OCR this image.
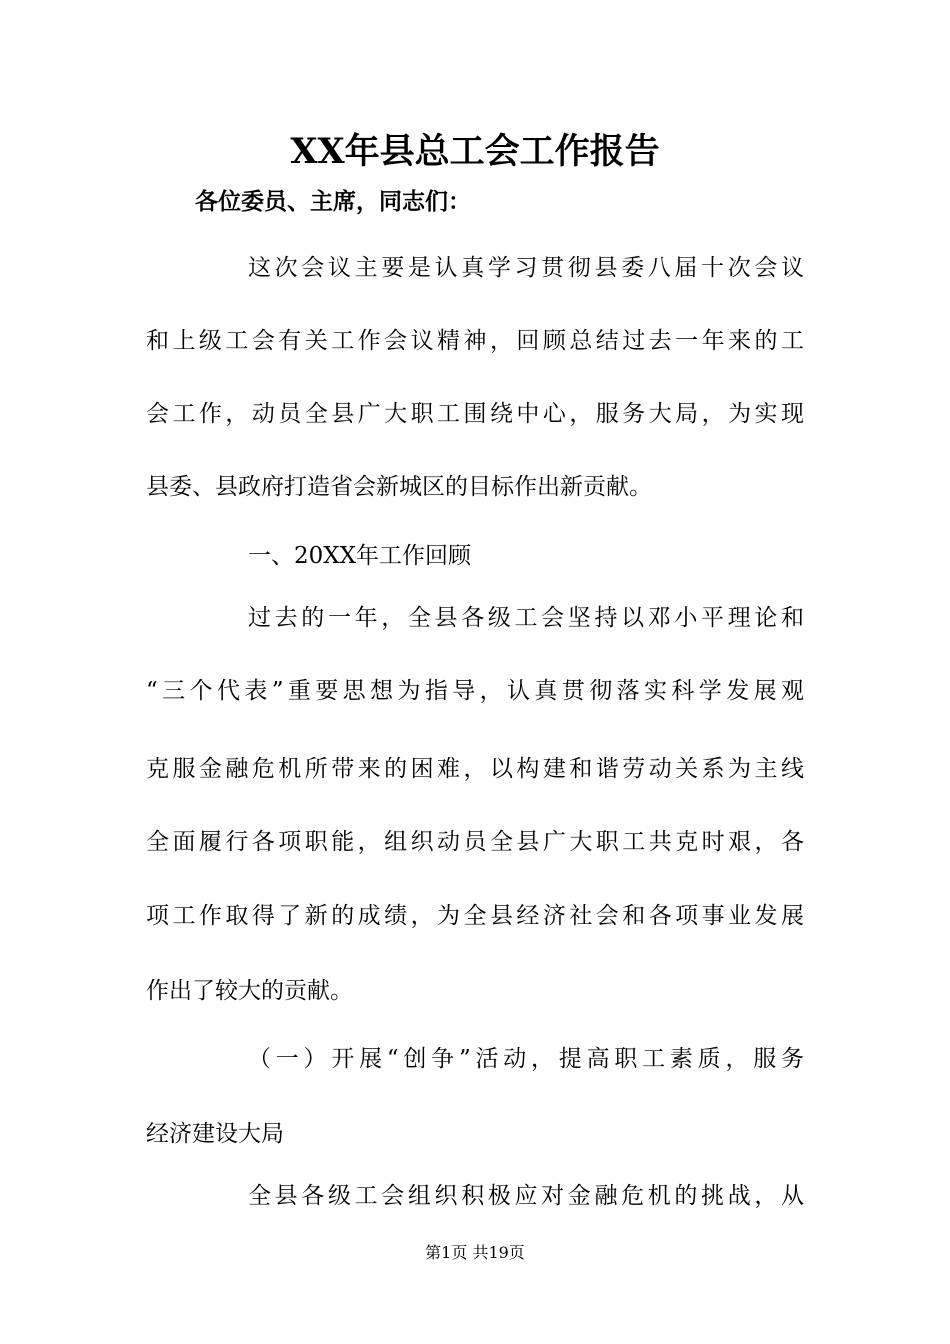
XX年县总工会工作报告
各位委员、主席，同志们：
这次会议主要是认真学习贯彻县委八届十次会议
和上级工会有关工作会议精神，回顾总结过去一年来的工
会工作，动员全县广大职工围绕中心，服务大局，为实现
县委、县政府打造省会新城区的目标作出新贡献。
一、20XX年工作回顾
过去的一年，全县各级工会坚持以邓小平理论和
“三个代表”重要思想为指导，认真贯彻落实科学发展观
克服金融危机所带来的困难，以构建和谐劳动关系为主线
全面履行各项职能，组织动员全县广大职工共克时艰，各
项工作取得了新的成绩，为全县经济社会和各项事业发展
作出了较大的贡献。
（一）开展“创争”活动，提高职工素质，服务
经济建设大局
全县各级工会组织积极应对金融危机的挑战，从
第1页 共19页
